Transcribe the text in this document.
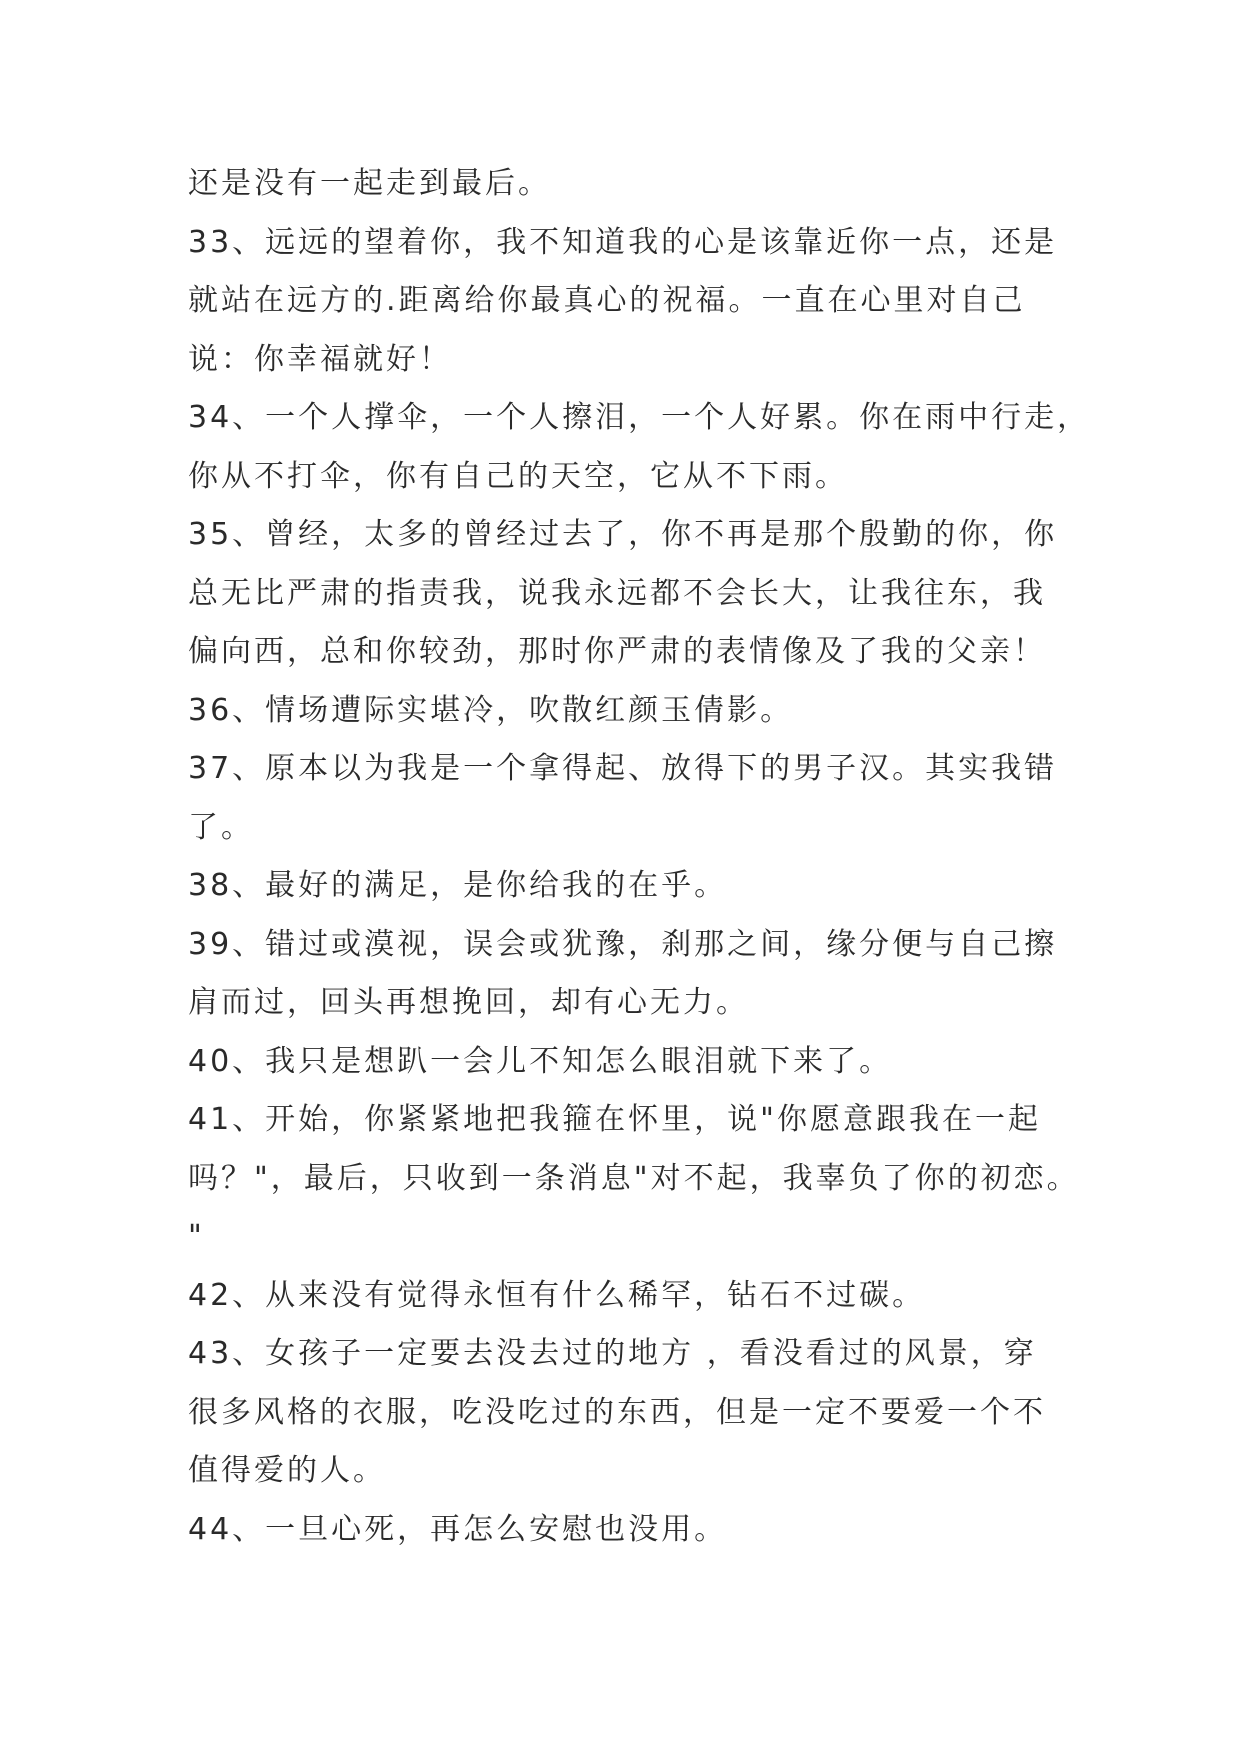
还是没有一起走到最后。
33、远远的望着你，我不知道我的心是该靠近你一点，还是
就站在远方的.距离给你最真心的祝福。一直在心里对自己
说：你幸福就好！
34、一个人撑伞，一个人擦泪，一个人好累。你在雨中行走，
你从不打伞，你有自己的天空，它从不下雨。
35、曾经，太多的曾经过去了，你不再是那个殷勤的你，你
总无比严肃的指责我，说我永远都不会长大，让我往东，我
偏向西，总和你较劲，那时你严肃的表情像及了我的父亲！
36、情场遭际实堪冷，吹散红颜玉倩影。
37、原本以为我是一个拿得起、放得下的男子汉。其实我错
了。
38、最好的满足，是你给我的在乎。
39、错过或漠视，误会或犹豫，刹那之间，缘分便与自己擦
肩而过，回头再想挽回，却有心无力。
40、我只是想趴一会儿不知怎么眼泪就下来了。
41、开始，你紧紧地把我箍在怀里，说"你愿意跟我在一起
吗？"，最后，只收到一条消息"对不起，我辜负了你的初恋。
"
42、从来没有觉得永恒有什么稀罕，钻石不过碳。
43、女孩子一定要去没去过的地方 ，看没看过的风景，穿
很多风格的衣服，吃没吃过的东西，但是一定不要爱一个不
值得爱的人。
44、一旦心死，再怎么安慰也没用。
